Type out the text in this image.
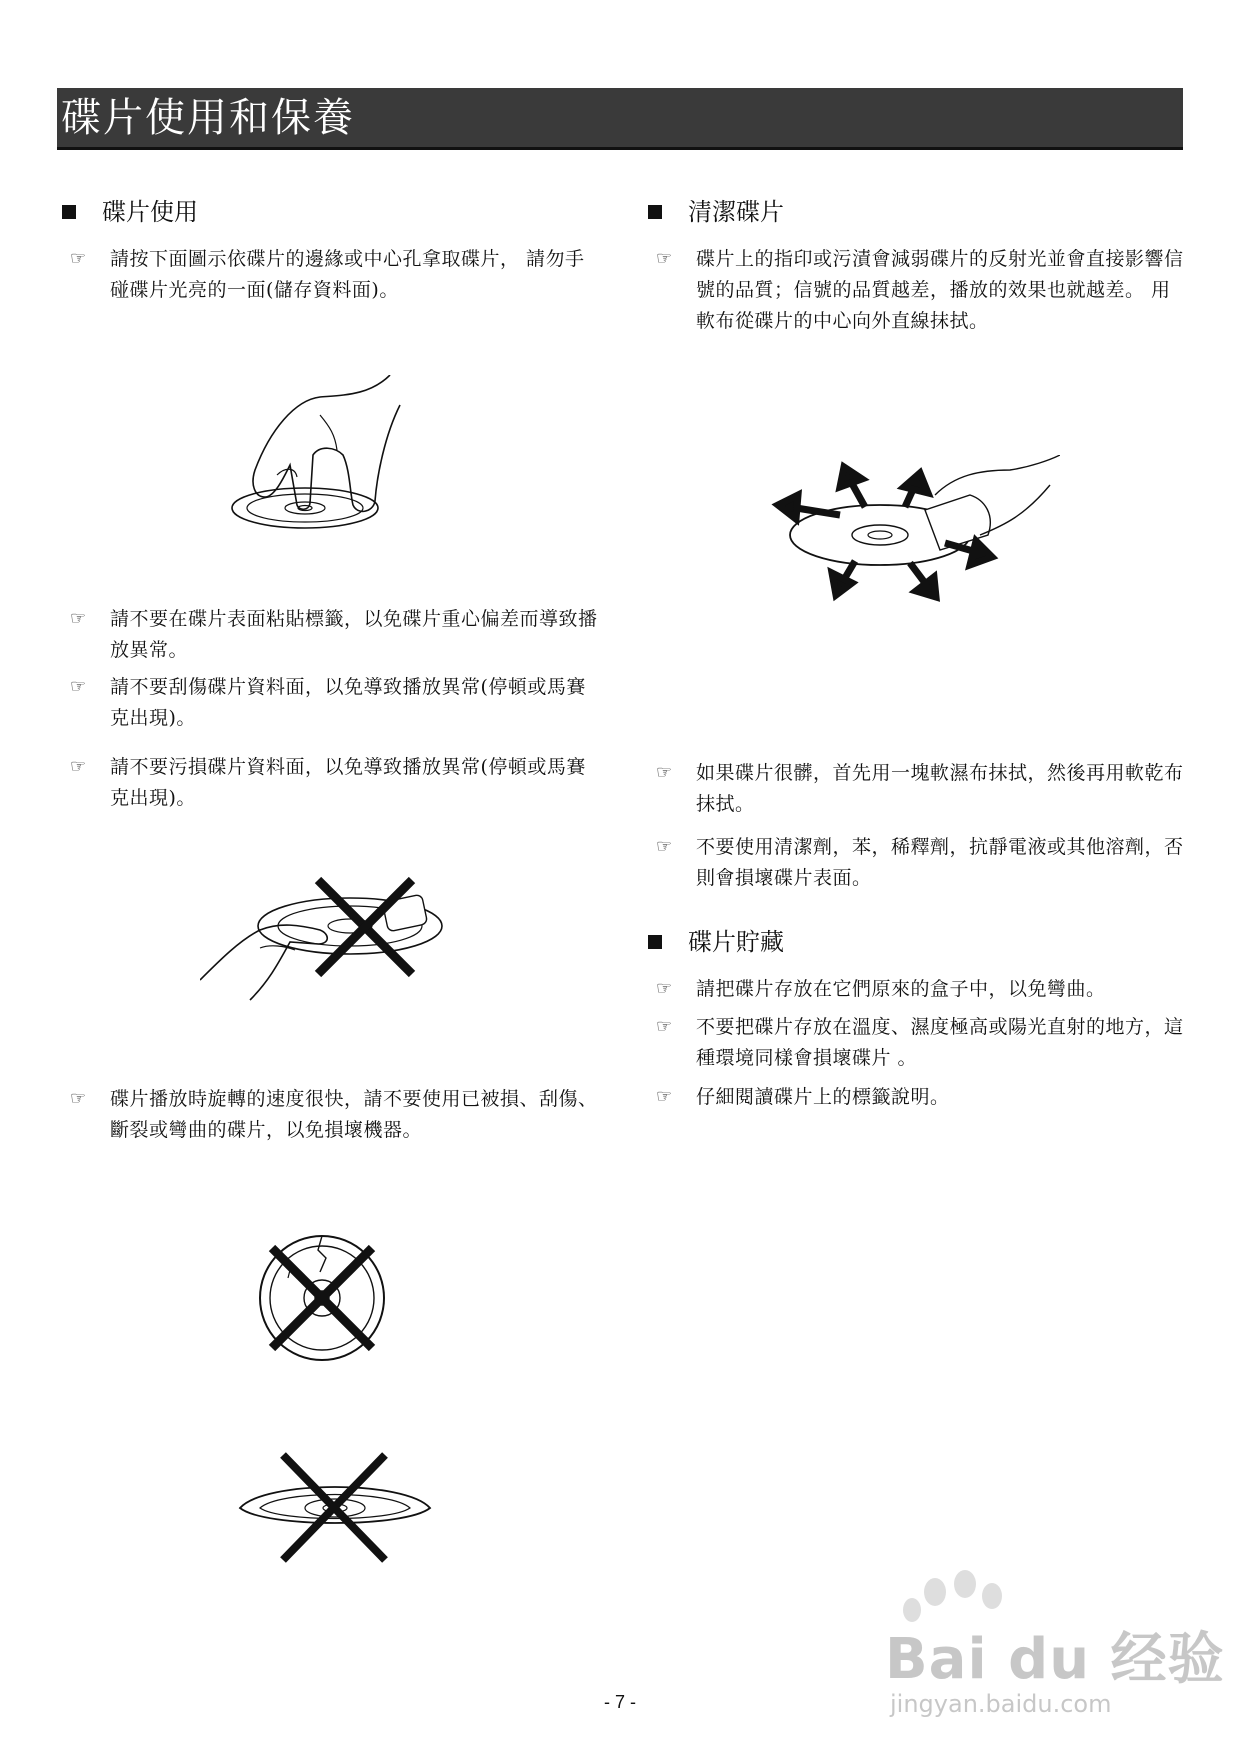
碟片使用和保養
碟片使用
☞	請按下面圖示依碟片的邊緣或中心孔拿取碟片， 請勿手碰碟片光亮的一面(儲存資料面)。
☞	請不要在碟片表面粘貼標籤，以免碟片重心偏差而導致播放異常。
☞	請不要刮傷碟片資料面，以免導致播放異常(停頓或馬賽克出現)。
☞	請不要污損碟片資料面，以免導致播放異常(停頓或馬賽克出現)。
☞	碟片播放時旋轉的速度很快，請不要使用已被損、刮傷、斷裂或彎曲的碟片，以免損壞機器。
清潔碟片
☞	碟片上的指印或污漬會減弱碟片的反射光並會直接影響信號的品質；信號的品質越差，播放的效果也就越差。 用軟布從碟片的中心向外直線抹拭。
☞	如果碟片很髒，首先用一塊軟濕布抹拭，然後再用軟乾布抹拭。
☞	不要使用清潔劑，苯，稀釋劑，抗靜電液或其他溶劑，否則會損壞碟片表面。
碟片貯藏
☞	請把碟片存放在它們原來的盒子中，以免彎曲。
☞	不要把碟片存放在溫度、濕度極高或陽光直射的地方，這種環境同樣會損壞碟片 。
☞	仔細閱讀碟片上的標籤說明。
Bai du 经验
jingyan.baidu.com
- 7 -
